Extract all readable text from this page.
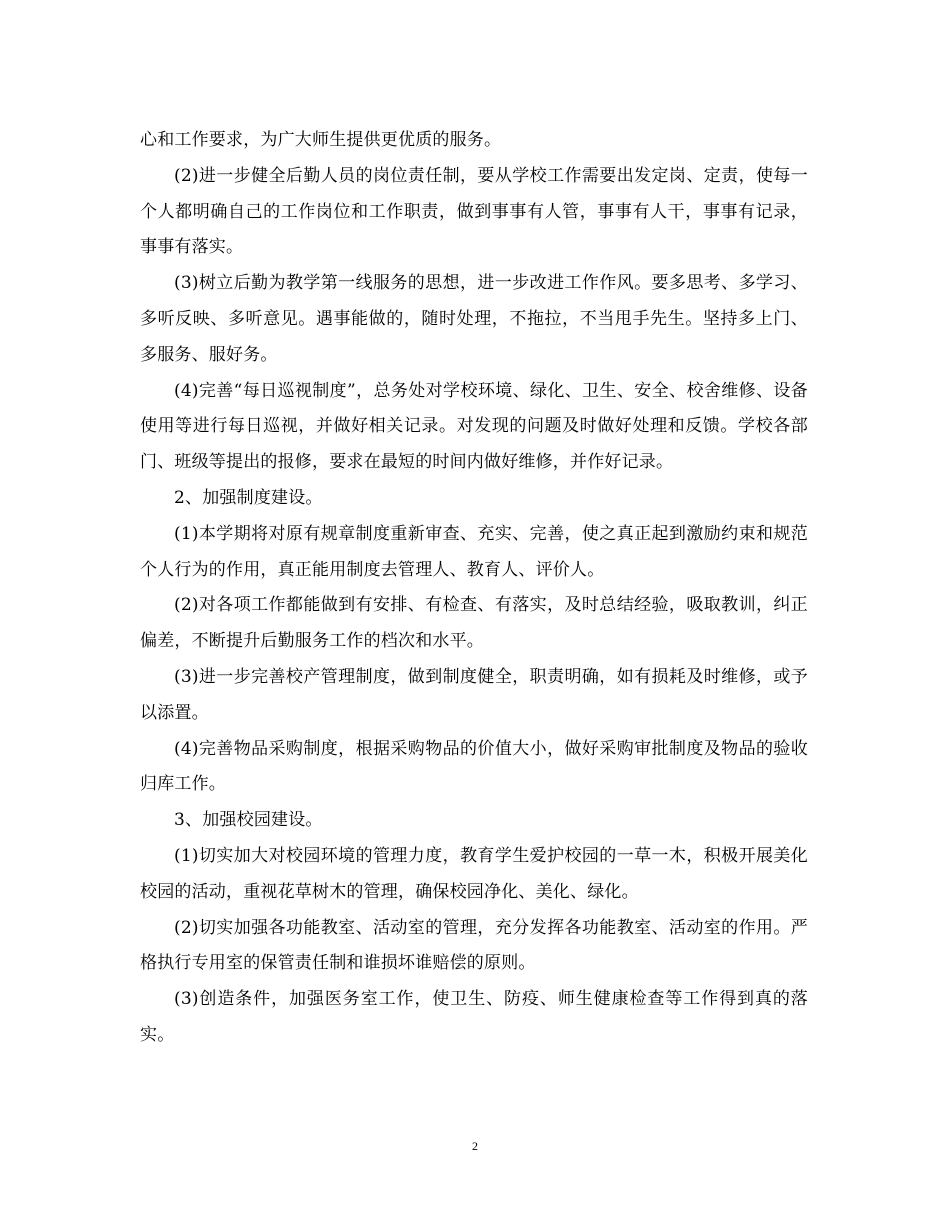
心和工作要求，为广大师生提供更优质的服务。

(2)进一步健全后勤人员的岗位责任制，要从学校工作需要出发定岗、定责，使每一个人都明确自己的工作岗位和工作职责，做到事事有人管，事事有人干，事事有记录，事事有落实。

(3)树立后勤为教学第一线服务的思想，进一步改进工作作风。要多思考、多学习、多听反映、多听意见。遇事能做的，随时处理，不拖拉，不当甩手先生。坚持多上门、多服务、服好务。

(4)完善“每日巡视制度”，总务处对学校环境、绿化、卫生、安全、校舍维修、设备使用等进行每日巡视，并做好相关记录。对发现的问题及时做好处理和反馈。学校各部门、班级等提出的报修，要求在最短的时间内做好维修，并作好记录。

2、加强制度建设。

(1)本学期将对原有规章制度重新审查、充实、完善，使之真正起到激励约束和规范个人行为的作用，真正能用制度去管理人、教育人、评价人。

(2)对各项工作都能做到有安排、有检查、有落实，及时总结经验，吸取教训，纠正偏差，不断提升后勤服务工作的档次和水平。

(3)进一步完善校产管理制度，做到制度健全，职责明确，如有损耗及时维修，或予以添置。

(4)完善物品采购制度，根据采购物品的价值大小，做好采购审批制度及物品的验收归库工作。

3、加强校园建设。

(1)切实加大对校园环境的管理力度，教育学生爱护校园的一草一木，积极开展美化校园的活动，重视花草树木的管理，确保校园净化、美化、绿化。

(2)切实加强各功能教室、活动室的管理，充分发挥各功能教室、活动室的作用。严格执行专用室的保管责任制和谁损坏谁赔偿的原则。

(3)创造条件，加强医务室工作，使卫生、防疫、师生健康检查等工作得到真的落实。

2
